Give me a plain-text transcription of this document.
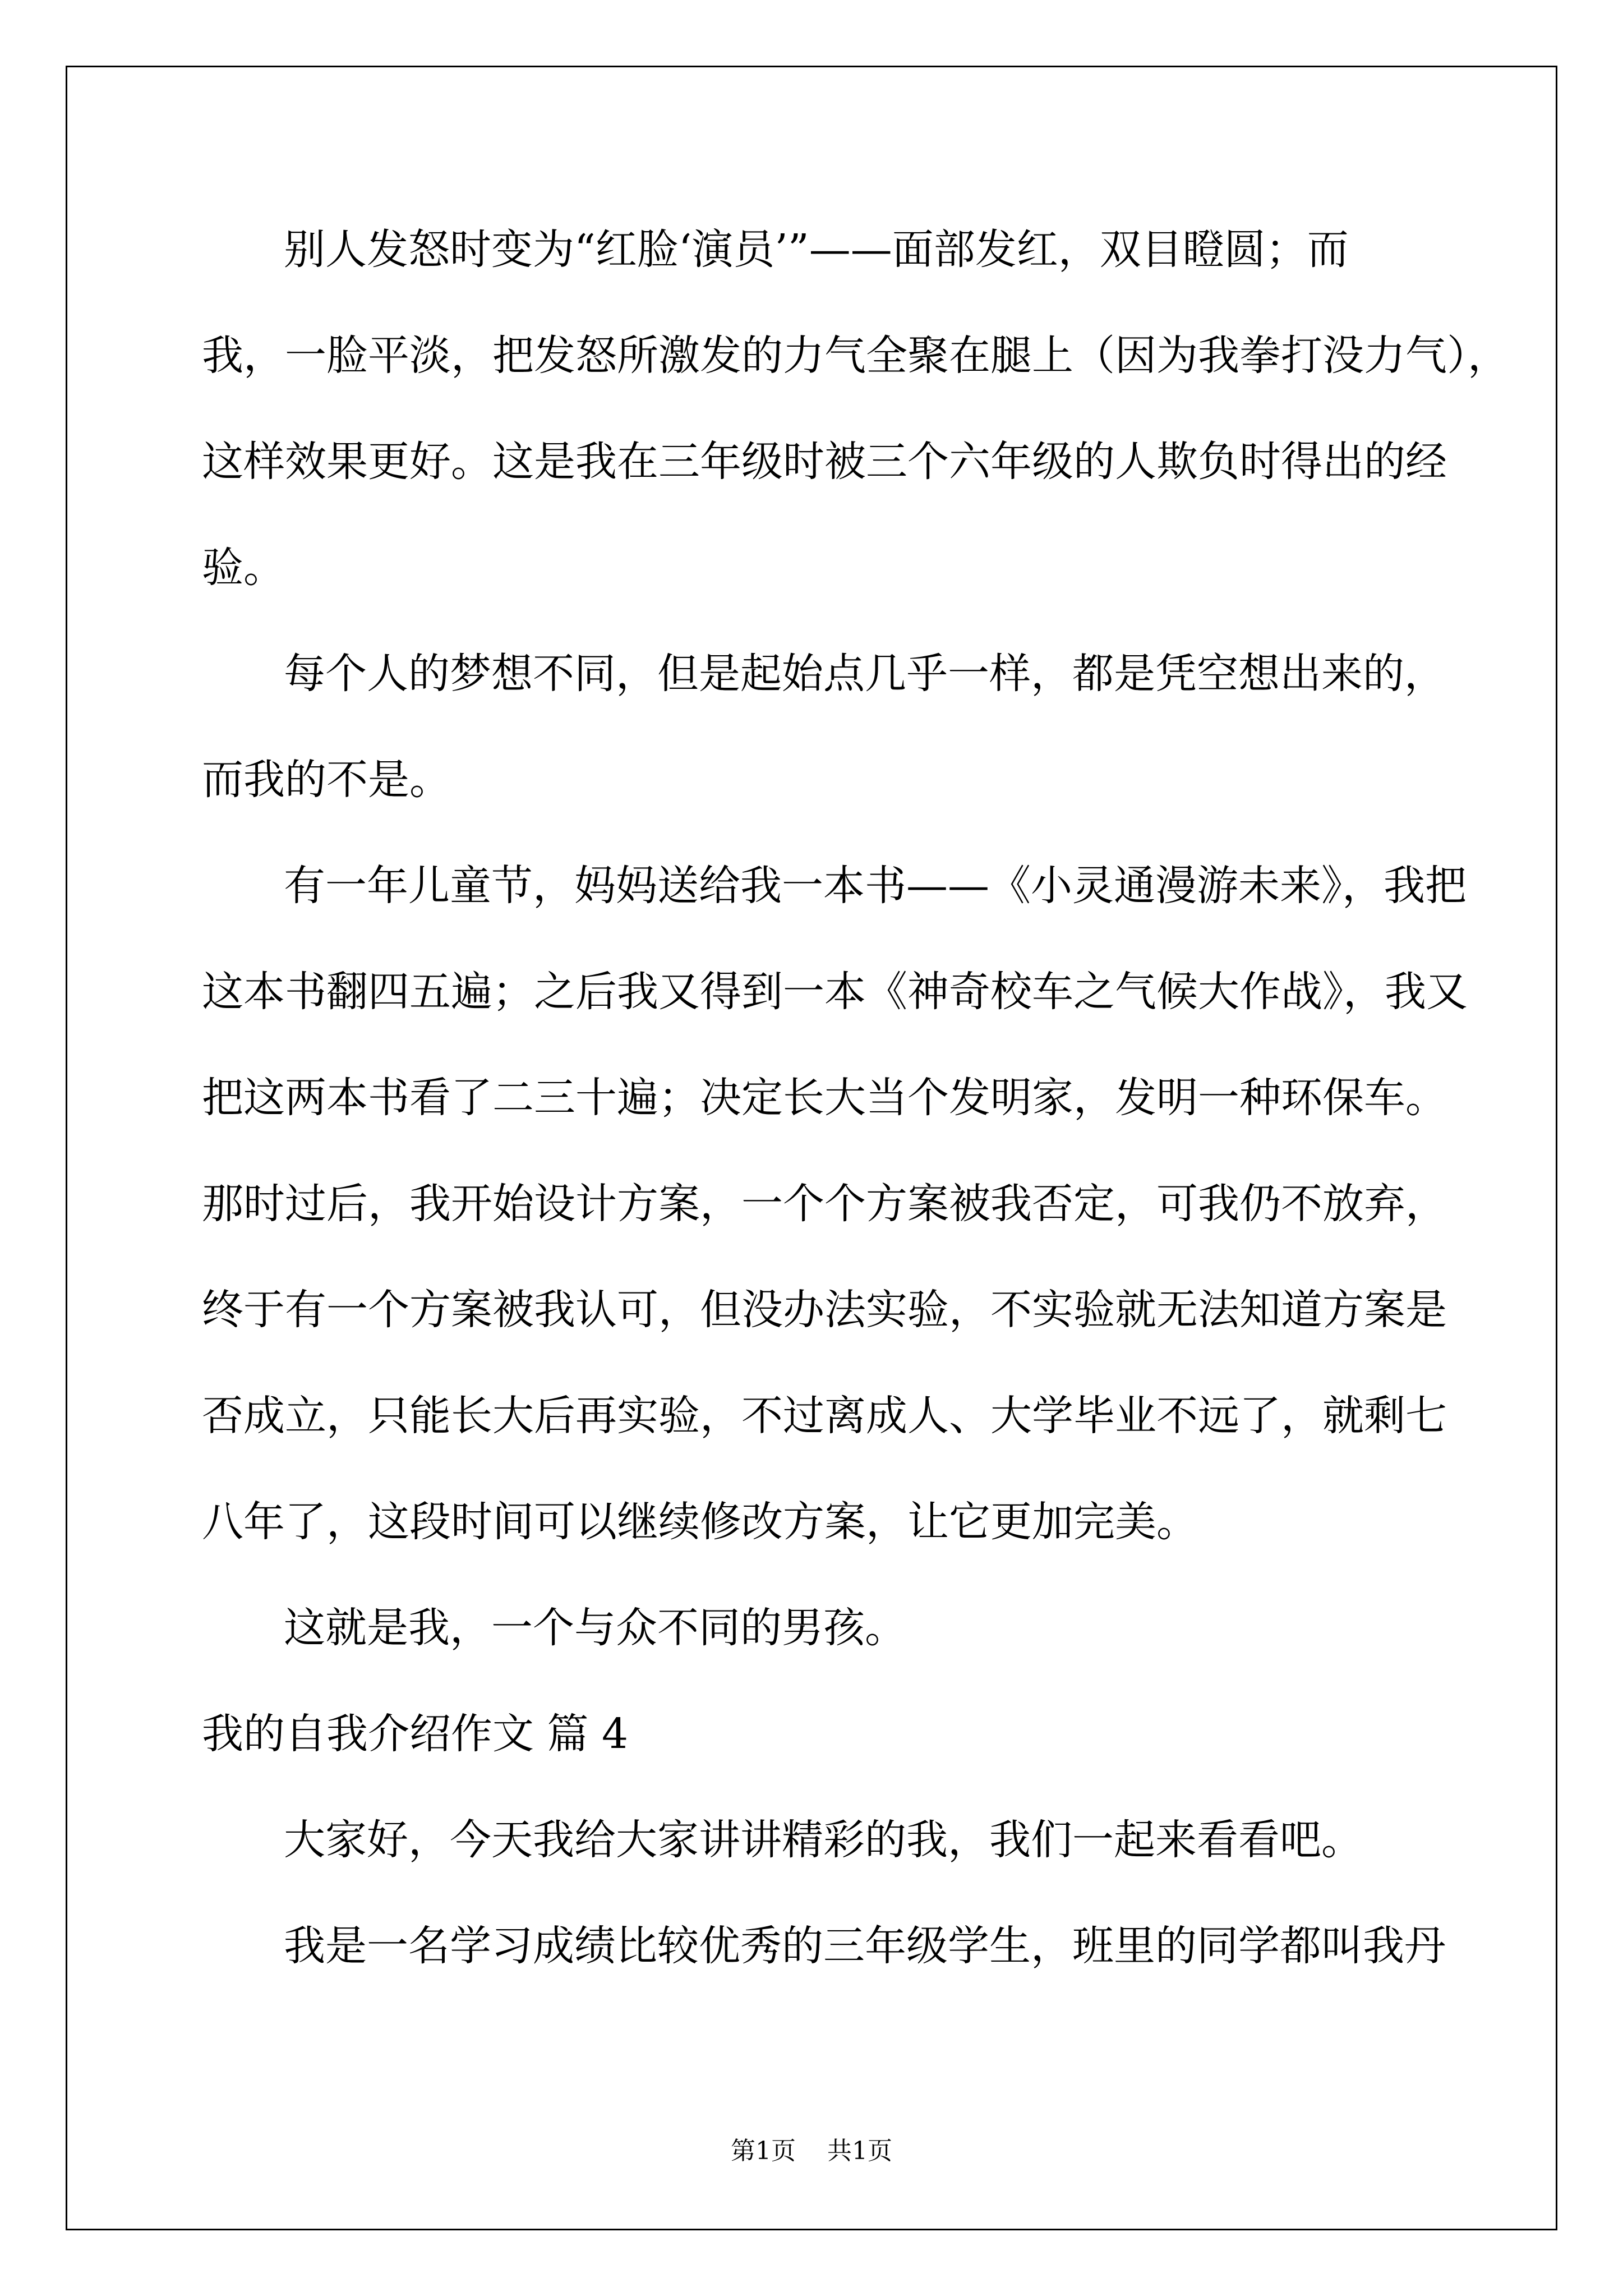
别人发怒时变为“红脸‘演员’”——面部发红，双目瞪圆；而
我，一脸平淡，把发怒所激发的力气全聚在腿上（因为我拳打没力气），
这样效果更好。这是我在三年级时被三个六年级的人欺负时得出的经
验。
每个人的梦想不同，但是起始点几乎一样，都是凭空想出来的，
而我的不是。
有一年儿童节，妈妈送给我一本书——《小灵通漫游未来》，我把
这本书翻四五遍；之后我又得到一本《神奇校车之气候大作战》，我又
把这两本书看了二三十遍；决定长大当个发明家，发明一种环保车。
那时过后，我开始设计方案，一个个方案被我否定，可我仍不放弃，
终于有一个方案被我认可，但没办法实验，不实验就无法知道方案是
否成立，只能长大后再实验，不过离成人、大学毕业不远了，就剩七
八年了，这段时间可以继续修改方案，让它更加完美。
这就是我，一个与众不同的男孩。
我的自我介绍作文 篇 4
大家好，今天我给大家讲讲精彩的我，我们一起来看看吧。
我是一名学习成绩比较优秀的三年级学生，班里的同学都叫我丹
第1页    共1页
